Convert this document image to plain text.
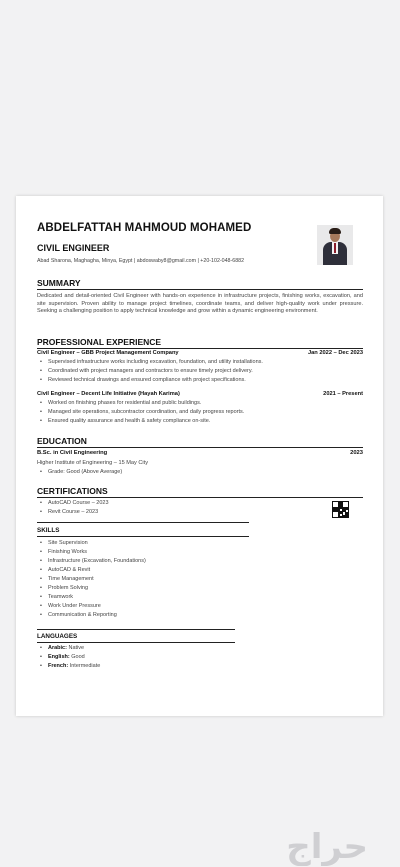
ABDELFATTAH MAHMOUD MOHAMED
CIVIL ENGINEER
Abad Sharona, Maghagha, Minya, Egypt | abdoswaby8@gmail.com | +20-102-048-6882
SUMMARY
Dedicated and detail-oriented Civil Engineer with hands-on experience in infrastructure projects, finishing works, excavation, and site supervision. Proven ability to manage project timelines, coordinate teams, and deliver high-quality work under pressure. Seeking a challenging position to apply technical knowledge and grow within a dynamic engineering environment.
PROFESSIONAL EXPERIENCE
Civil Engineer – GBB Project Management Company	Jan 2022 – Dec 2023
• Supervised infrastructure works including excavation, foundation, and utility installations.
• Coordinated with project managers and contractors to ensure timely project delivery.
• Reviewed technical drawings and ensured compliance with project specifications.
Civil Engineer – Decent Life Initiative (Hayah Karima)	2021 – Present
• Worked on finishing phases for residential and public buildings.
• Managed site operations, subcontractor coordination, and daily progress reports.
• Ensured quality assurance and health & safety compliance on-site.
EDUCATION
B.Sc. in Civil Engineering	2023
Higher Institute of Engineering – 15 May City
• Grade: Good (Above Average)
CERTIFICATIONS
• AutoCAD Course – 2023
• Revit Course – 2023
SKILLS
• Site Supervision
• Finishing Works
• Infrastructure (Excavation, Foundations)
• AutoCAD & Revit
• Time Management
• Problem Solving
• Teamwork
• Work Under Pressure
• Communication & Reporting
LANGUAGES
• Arabic: Native
• English: Good
• French: Intermediate
حراج
